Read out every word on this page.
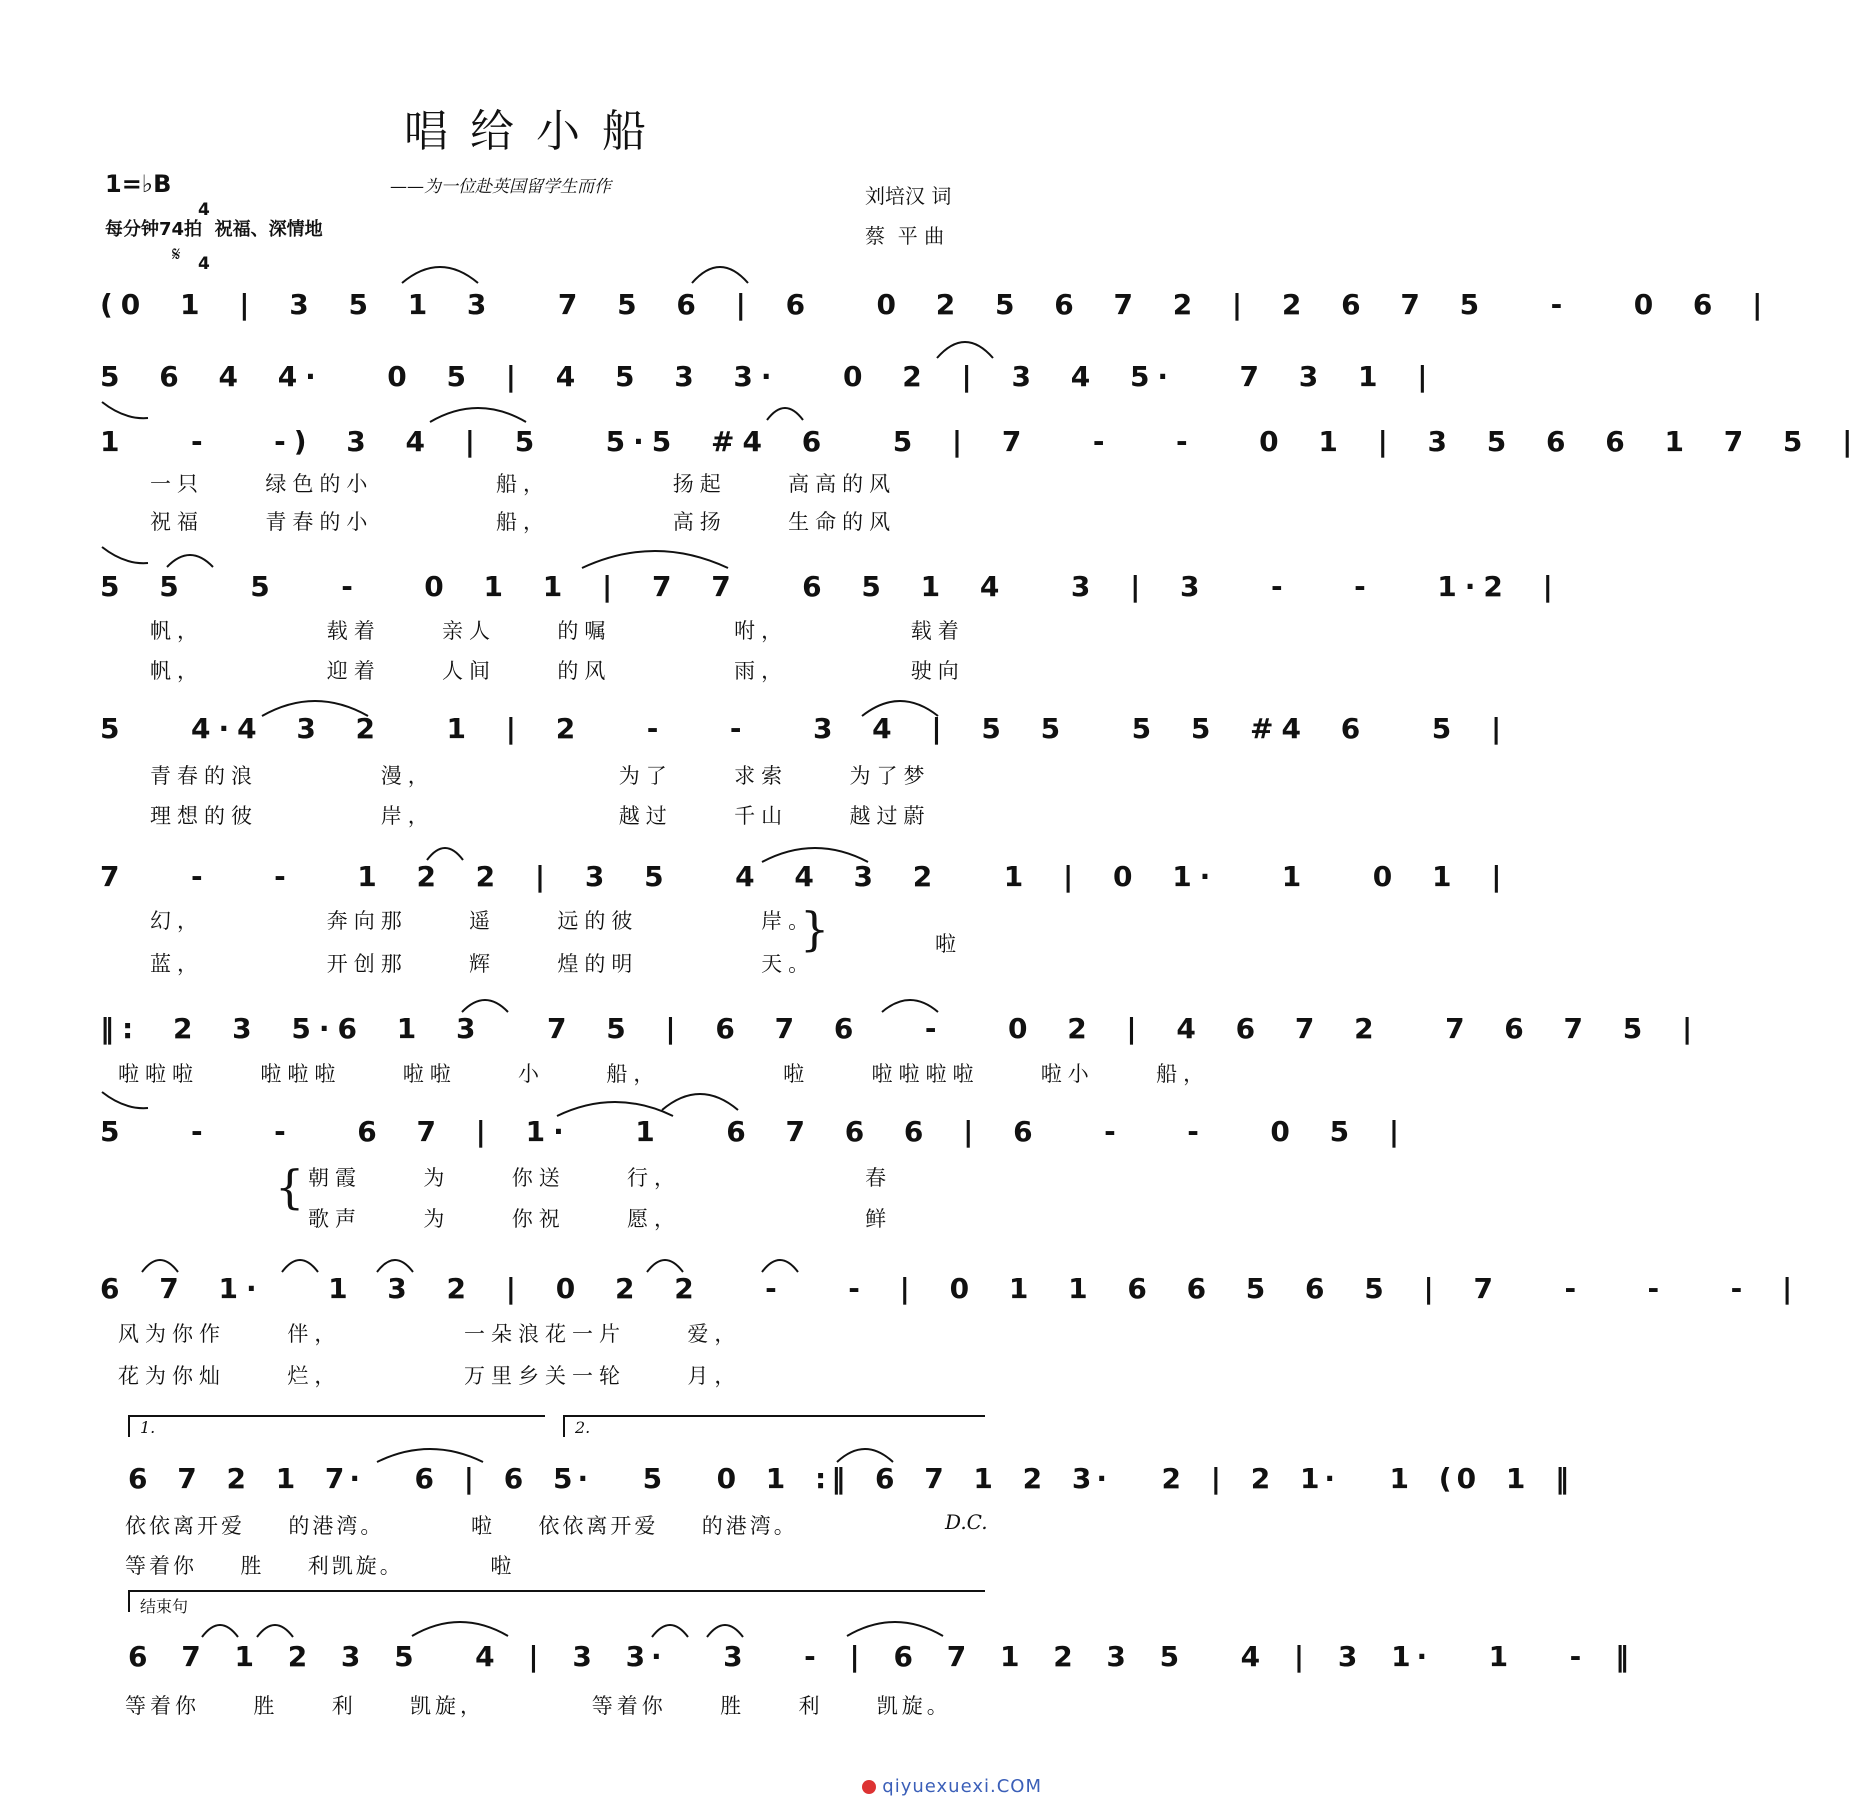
唱给小船
——为一位赴英国留学生而作
1=♭B

4

4

每分钟74拍  祝福、深情地
刘培汉 词
蔡  平 曲
𝄋
(0 1 | 3 5 1 3  7 5 6 | 6  0 2 5 6 7 2 | 2 6 7 5  -  0 6 |
5 6 4 4·  0 5 | 4 5 3 3·  0 2 | 3 4 5·  7 3 1 |
1  -  -) 3 4 | 5  5·5 #4 6  5 | 7  -  -  0 1 | 3 5 6 6 1 7 5 |
一只  绿色的小    船，    扬起  高高的风
祝福  青春的小    船，    高扬  生命的风
5 5  5  -  0 1 1 | 7 7  6 5 1 4  3 | 3  -  -  1·2 |
帆，    载着  亲人  的嘱    咐，    载着
帆，    迎着  人间  的风    雨，    驶向
5  4·4 3 2  1 | 2  -  -  3 4 | 5 5  5 5 #4 6  5 |
青春的浪    漫，      为了  求索  为了梦
理想的彼    岸，      越过  千山  越过蔚
7  -  -  1 2 2 | 3 5  4 4 3 2  1 | 0 1·  1  0 1 |
幻，    奔向那  遥  远的彼    岸。
蓝，    开创那  辉  煌的明    天。
}	啦
‖: 2 3 5·6 1 3  7 5 | 6 7 6  -  0 2 | 4 6 7 2  7 6 7 5 |
啦啦啦  啦啦啦  啦啦  小  船，    啦  啦啦啦啦  啦小  船，
5  -  -  6 7 | 1·  1  6 7 6 6 | 6  -  -  0 5 |
{ 朝霞  为  你送  行，      春
歌声  为  你祝  愿，      鲜
6 7 1·  1 3 2 | 0 2 2  -  - | 0 1 1 6 6 5 6 5 | 7  -  -  - |
风为你作  伴，    一朵浪花一片  爱，
花为你灿  烂，    万里乡关一轮  月，
1.	2.
6 7 2 1 7·  6 | 6 5·  5  0 1 :‖ 6 7 1 2 3·  2 | 2 1·  1 (0 1 ‖
依依离开爱  的港湾。    啦  依依离开爱  的港湾。
等着你  胜  利凯旋。    啦
D.C.
结束句
6 7 1 2 3 5  4 | 3 3·  3  - | 6 7 1 2 3 5  4 | 3 1·  1  - ‖
等着你  胜  利  凯旋，    等着你  胜  利  凯旋。
qiyuexuexi.COM
